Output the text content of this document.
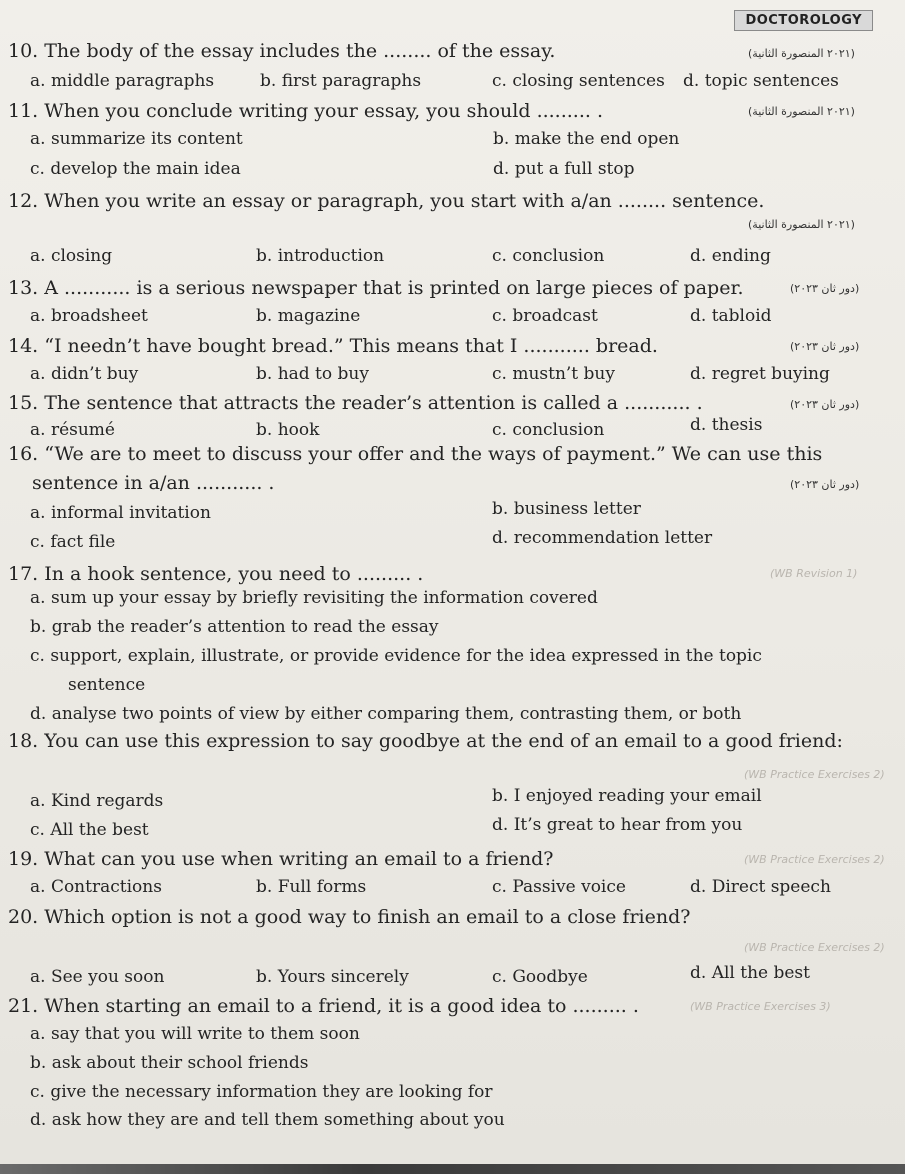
DOCTOROLOGY
10. The body of the essay includes the ........ of the essay.	(٢٠٢١ المنصورة الثانية)
a. middle paragraphs	b. first paragraphs	c. closing sentences d. topic sentences
11. When you conclude writing your essay, you should ......... .	(٢٠٢١ المنصورة الثانية)
a. summarize its content	b. make the end open
c. develop the main idea	d. put a full stop
12. When you write an essay or paragraph, you start with a/an ........ sentence.
(٢٠٢١ المنصورة الثانية)
a. closing	b. introduction	c. conclusion	d. ending
13. A ........... is a serious newspaper that is printed on large pieces of paper.	(دور ثان ٢٠٢٣)
a. broadsheet	b. magazine	c. broadcast	d. tabloid
14. “I needn’t have bought bread.” This means that I ........... bread.	(دور ثان ٢٠٢٣)
a. didn’t buy	b. had to buy	c. mustn’t buy	d. regret buying
15. The sentence that attracts the reader’s attention is called a ........... .	(دور ثان ٢٠٢٣)
a. résumé	b. hook	c. conclusion	d. thesis
16. “We are to meet to discuss your offer and the ways of payment.” We can use this
sentence in a/an ........... .	(دور ثان ٢٠٢٣)
a. informal invitation	b. business letter
c. fact file	d. recommendation letter
17. In a hook sentence, you need to ......... .	(WB Revision 1)
a. sum up your essay by briefly revisiting the information covered
b. grab the reader’s attention to read the essay
c. support, explain, illustrate, or provide evidence for the idea expressed in the topic
sentence
d. analyse two points of view by either comparing them, contrasting them, or both
18. You can use this expression to say goodbye at the end of an email to a good friend:
(WB Practice Exercises 2)
a. Kind regards	b. I enjoyed reading your email
c. All the best	d. It’s great to hear from you
19. What can you use when writing an email to a friend?	(WB Practice Exercises 2)
a. Contractions	b. Full forms	c. Passive voice	d. Direct speech
20. Which option is not a good way to finish an email to a close friend?
(WB Practice Exercises 2)
a. See you soon	b. Yours sincerely	c. Goodbye	d. All the best
21. When starting an email to a friend, it is a good idea to ......... .	(WB Practice Exercises 3)
a. say that you will write to them soon
b. ask about their school friends
c. give the necessary information they are looking for
d. ask how they are and tell them something about you
